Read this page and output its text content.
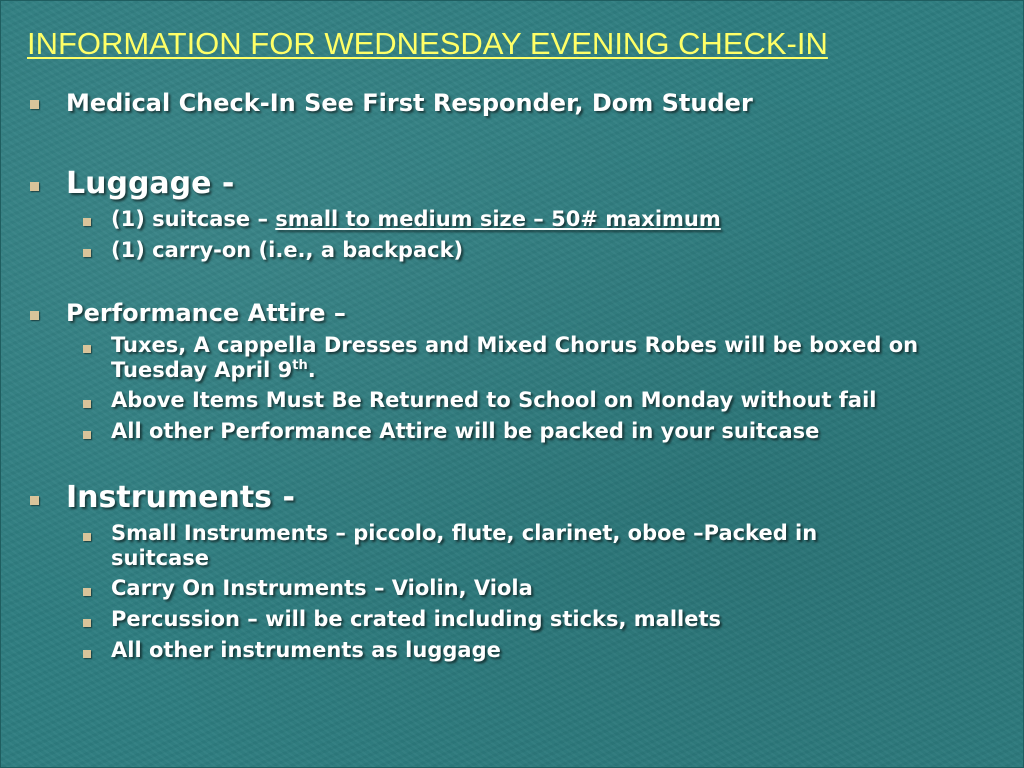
INFORMATION FOR WEDNESDAY EVENING CHECK-IN
Medical Check-In See First Responder, Dom Studer
Luggage -
(1) suitcase – small to medium size – 50# maximum
(1) carry-on (i.e., a backpack)
Performance Attire –
Tuxes, A cappella Dresses and Mixed Chorus Robes will be boxed on
Tuesday April 9th.
Above Items Must Be Returned to School on Monday without fail
All other Performance Attire will be packed in your suitcase
Instruments -
Small Instruments – piccolo, flute, clarinet, oboe –Packed in
suitcase
Carry On Instruments – Violin, Viola
Percussion – will be crated including sticks, mallets
All other instruments as luggage
